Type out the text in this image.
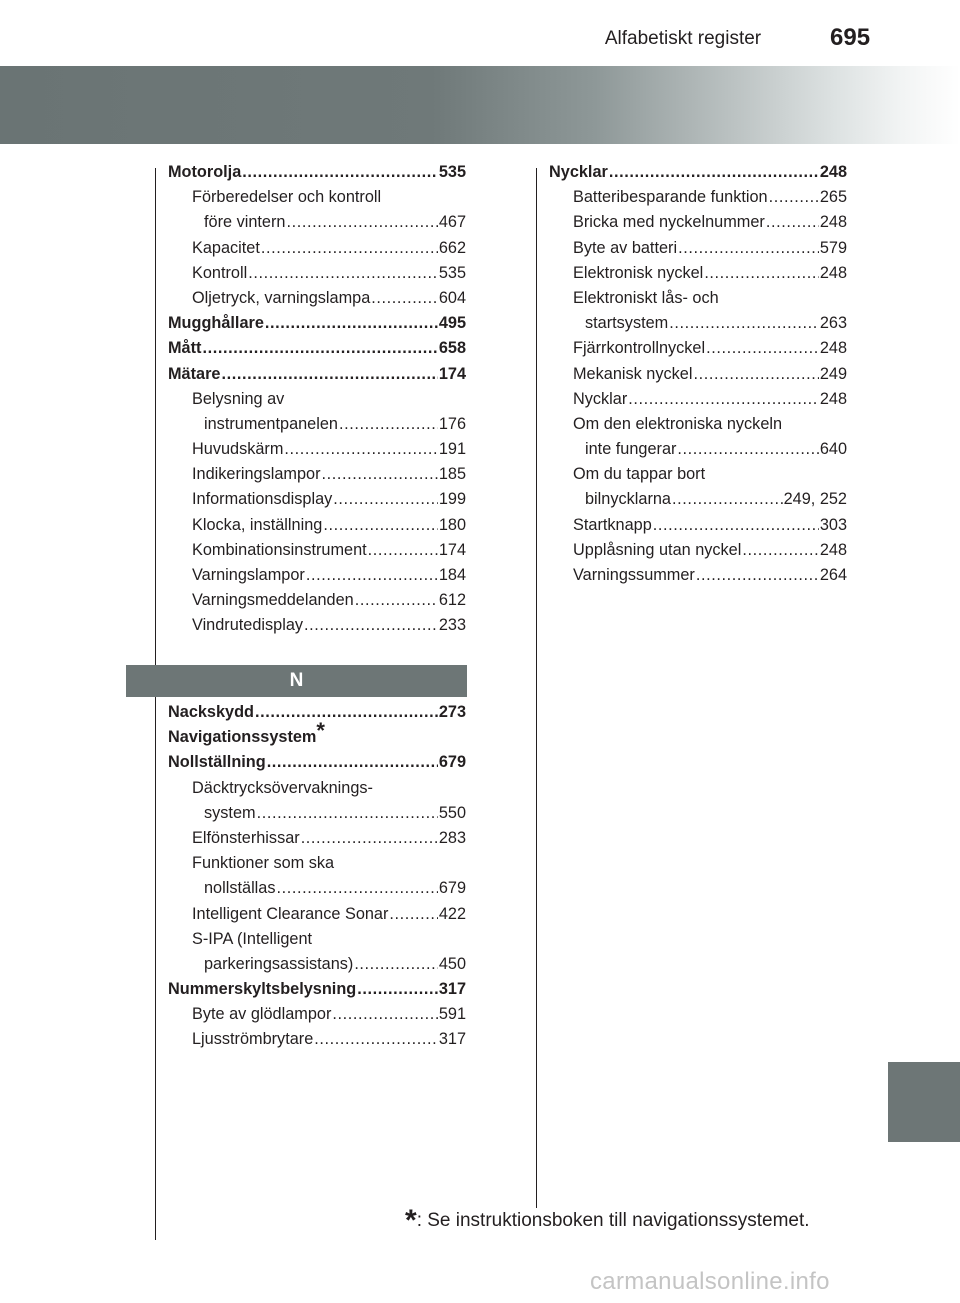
Alfabetiskt register	695
Motorolja .....	535
Förberedelser och kontroll
före vintern .....	467
Kapacitet .....	662
Kontroll .....	535
Oljetryck, varningslampa .....	604
Mugghållare .....	495
Mått .....	658
Mätare .....	174
Belysning av
instrumentpanelen .....	176
Huvudskärm .....	191
Indikeringslampor .....	185
Informationsdisplay .....	199
Klocka, inställning .....	180
Kombinationsinstrument .....	174
Varningslampor .....	184
Varningsmeddelanden .....	612
Vindrutedisplay .....	233
N
Nackskydd .....	273
Navigationssystem*
Nollställning .....	679
Däcktrycksövervaknings-
system .....	550
Elfönsterhissar .....	283
Funktioner som ska
nollställas .....	679
Intelligent Clearance Sonar .....	422
S-IPA (Intelligent
parkeringsassistans) .....	450
Nummerskyltsbelysning .....	317
Byte av glödlampor .....	591
Ljusströmbrytare .....	317
Nycklar .....	248
Batteribesparande funktion .....	265
Bricka med nyckelnummer .....	248
Byte av batteri .....	579
Elektronisk nyckel .....	248
Elektroniskt lås- och
startsystem .....	263
Fjärrkontrollnyckel .....	248
Mekanisk nyckel .....	249
Nycklar .....	248
Om den elektroniska nyckeln
inte fungerar .....	640
Om du tappar bort
bilnycklarna .....	249, 252
Startknapp .....	303
Upplåsning utan nyckel .....	248
Varningssummer .....	264
*: Se instruktionsboken till navigationssystemet.
carmanualsonline.info
